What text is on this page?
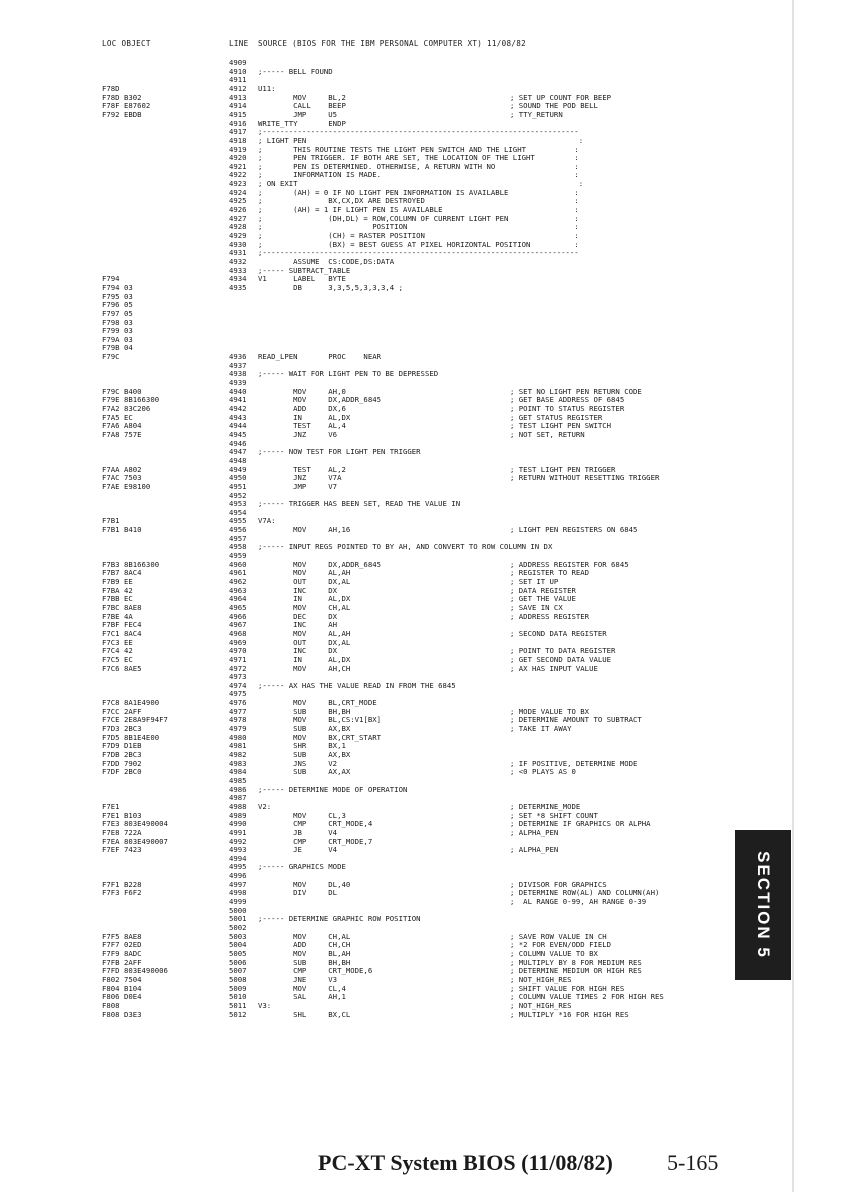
LOC OBJECT	LINE SOURCE (BIOS FOR THE IBM PERSONAL COMPUTER XT) 11/08/82
4909
4910 ;----- BELL FOUND
4911
F78D	4912 U11:
F78D B302	4913 MOV     BL,2	; SET UP COUNT FOR BEEP
F78F E87602	4914 CALL    BEEP	; SOUND THE POD BELL
F792 EBDB	4915 JMP     U5	; TTY_RETURN
4916 WRITE_TTY       ENDP
4917 ;------------------------------------------------------------------------
4918 ; LIGHT PEN                                                              :
4919 ;       THIS ROUTINE TESTS THE LIGHT PEN SWITCH AND THE LIGHT           :
4920 ;       PEN TRIGGER. IF BOTH ARE SET, THE LOCATION OF THE LIGHT         :
4921 ;       PEN IS DETERMINED. OTHERWISE, A RETURN WITH NO                  :
4922 ;       INFORMATION IS MADE.                                            :
4923 ; ON EXIT                                                                :
4924 ;       (AH) = 0 IF NO LIGHT PEN INFORMATION IS AVAILABLE               :
4925 ;               BX,CX,DX ARE DESTROYED                                  :
4926 ;       (AH) = 1 IF LIGHT PEN IS AVAILABLE                              :
4927 ;               (DH,DL) = ROW,COLUMN OF CURRENT LIGHT PEN               :
4928 ;                         POSITION                                      :
4929 ;               (CH) = RASTER POSITION                                  :
4930 ;               (BX) = BEST GUESS AT PIXEL HORIZONTAL POSITION          :
4931 ;------------------------------------------------------------------------
4932 ASSUME  CS:CODE,DS:DATA
4933 ;----- SUBTRACT_TABLE
F794	4934 V1      LABEL   BYTE
F794 03	4935 DB      3,3,5,5,3,3,3,4 ;
F795 03
F796 05
F797 05
F798 03
F799 03
F79A 03
F79B 04
F79C	4936 READ_LPEN       PROC    NEAR
4937
4938 ;----- WAIT FOR LIGHT PEN TO BE DEPRESSED
4939
F79C B400	4940 MOV     AH,0	; SET NO LIGHT PEN RETURN CODE
F79E 8B166300	4941 MOV     DX,ADDR_6845	; GET BASE ADDRESS OF 6845
F7A2 83C206	4942 ADD     DX,6	; POINT TO STATUS REGISTER
F7A5 EC	4943 IN      AL,DX	; GET STATUS REGISTER
F7A6 A804	4944 TEST    AL,4	; TEST LIGHT PEN SWITCH
F7A8 757E	4945 JNZ     V6	; NOT SET, RETURN
4946
4947 ;----- NOW TEST FOR LIGHT PEN TRIGGER
4948
F7AA A802	4949 TEST    AL,2	; TEST LIGHT PEN TRIGGER
F7AC 7503	4950 JNZ     V7A	; RETURN WITHOUT RESETTING TRIGGER
F7AE E98100	4951 JMP     V7
4952
4953 ;----- TRIGGER HAS BEEN SET, READ THE VALUE IN
4954
F7B1	4955 V7A:
F7B1 B410	4956 MOV     AH,16	; LIGHT PEN REGISTERS ON 6845
4957
4958 ;----- INPUT REGS POINTED TO BY AH, AND CONVERT TO ROW COLUMN IN DX
4959
F7B3 8B166300	4960 MOV     DX,ADDR_6845	; ADDRESS REGISTER FOR 6845
F7B7 8AC4	4961 MOV     AL,AH	; REGISTER TO READ
F7B9 EE	4962 OUT     DX,AL	; SET IT UP
F7BA 42	4963 INC     DX	; DATA REGISTER
F7BB EC	4964 IN      AL,DX	; GET THE VALUE
F7BC 8AE8	4965 MOV     CH,AL	; SAVE IN CX
F7BE 4A	4966 DEC     DX	; ADDRESS REGISTER
F7BF FEC4	4967 INC     AH
F7C1 8AC4	4968 MOV     AL,AH	; SECOND DATA REGISTER
F7C3 EE	4969 OUT     DX,AL
F7C4 42	4970 INC     DX	; POINT TO DATA REGISTER
F7C5 EC	4971 IN      AL,DX	; GET SECOND DATA VALUE
F7C6 8AE5	4972 MOV     AH,CH	; AX HAS INPUT VALUE
4973
4974 ;----- AX HAS THE VALUE READ IN FROM THE 6845
4975
F7C8 8A1E4900	4976 MOV     BL,CRT_MODE
F7CC 2AFF	4977 SUB     BH,BH	; MODE VALUE TO BX
F7CE 2E8A9F94F7	4978 MOV     BL,CS:V1[BX]	; DETERMINE AMOUNT TO SUBTRACT
F7D3 2BC3	4979 SUB     AX,BX	; TAKE IT AWAY
F7D5 8B1E4E00	4980 MOV     BX,CRT_START
F7D9 D1EB	4981 SHR     BX,1
F7DB 2BC3	4982 SUB     AX,BX
F7DD 7902	4983 JNS     V2	; IF POSITIVE, DETERMINE MODE
F7DF 2BC0	4984 SUB     AX,AX	; <0 PLAYS AS 0
4985
4986 ;----- DETERMINE MODE OF OPERATION
4987
F7E1	4988 V2:	; DETERMINE_MODE
F7E1 B103	4989 MOV     CL,3	; SET *8 SHIFT COUNT
F7E3 803E490004	4990 CMP     CRT_MODE,4	; DETERMINE IF GRAPHICS OR ALPHA
F7E8 722A	4991 JB      V4	; ALPHA_PEN
F7EA 803E490007	4992 CMP     CRT_MODE,7
F7EF 7423	4993 JE      V4	; ALPHA_PEN
4994
4995 ;----- GRAPHICS MODE
4996
F7F1 B228	4997 MOV     DL,40	; DIVISOR FOR GRAPHICS
F7F3 F6F2	4998 DIV     DL	; DETERMINE ROW(AL) AND COLUMN(AH)
4999	;  AL RANGE 0-99, AH RANGE 0-39
5000
5001 ;----- DETERMINE GRAPHIC ROW POSITION
5002
F7F5 8AE8	5003 MOV     CH,AL	; SAVE ROW VALUE IN CH
F7F7 02ED	5004 ADD     CH,CH	; *2 FOR EVEN/ODD FIELD
F7F9 8ADC	5005 MOV     BL,AH	; COLUMN VALUE TO BX
F7FB 2AFF	5006 SUB     BH,BH	; MULTIPLY BY 8 FOR MEDIUM RES
F7FD 803E490006	5007 CMP     CRT_MODE,6	; DETERMINE MEDIUM OR HIGH RES
F802 7504	5008 JNE     V3	; NOT_HIGH_RES
F804 B104	5009 MOV     CL,4	; SHIFT VALUE FOR HIGH RES
F806 D0E4	5010 SAL     AH,1	; COLUMN VALUE TIMES 2 FOR HIGH RES
F808	5011 V3:	; NOT_HIGH_RES
F808 D3E3	5012 SHL     BX,CL	; MULTIPLY *16 FOR HIGH RES
SECTION 5
PC-XT System BIOS (11/08/82) 5-165
